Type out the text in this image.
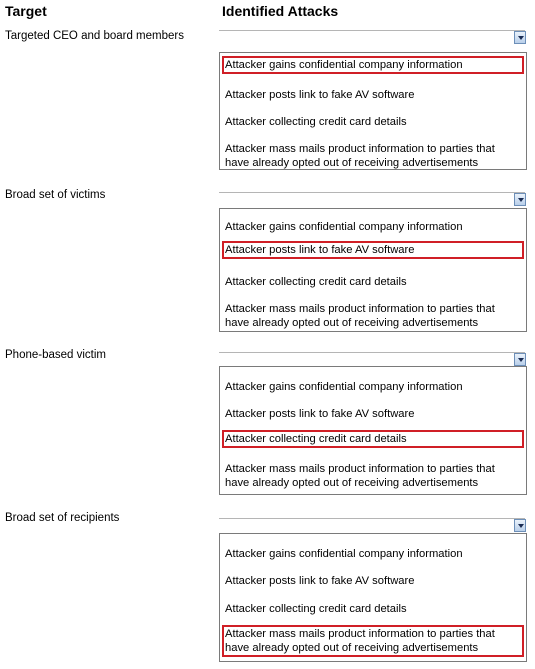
Target	Identified Attacks
Targeted CEO and board members
Attacker gains confidential company information
Attacker posts link to fake AV software
Attacker collecting credit card details
Attacker mass mails product information to parties that have already opted out of receiving advertisements
Broad set of victims
Attacker gains confidential company information
Attacker posts link to fake AV software
Attacker collecting credit card details
Attacker mass mails product information to parties that have already opted out of receiving advertisements
Phone-based victim
Attacker gains confidential company information
Attacker posts link to fake AV software
Attacker collecting credit card details
Attacker mass mails product information to parties that have already opted out of receiving advertisements
Broad set of recipients
Attacker gains confidential company information
Attacker posts link to fake AV software
Attacker collecting credit card details
Attacker mass mails product information to parties that have already opted out of receiving advertisements
